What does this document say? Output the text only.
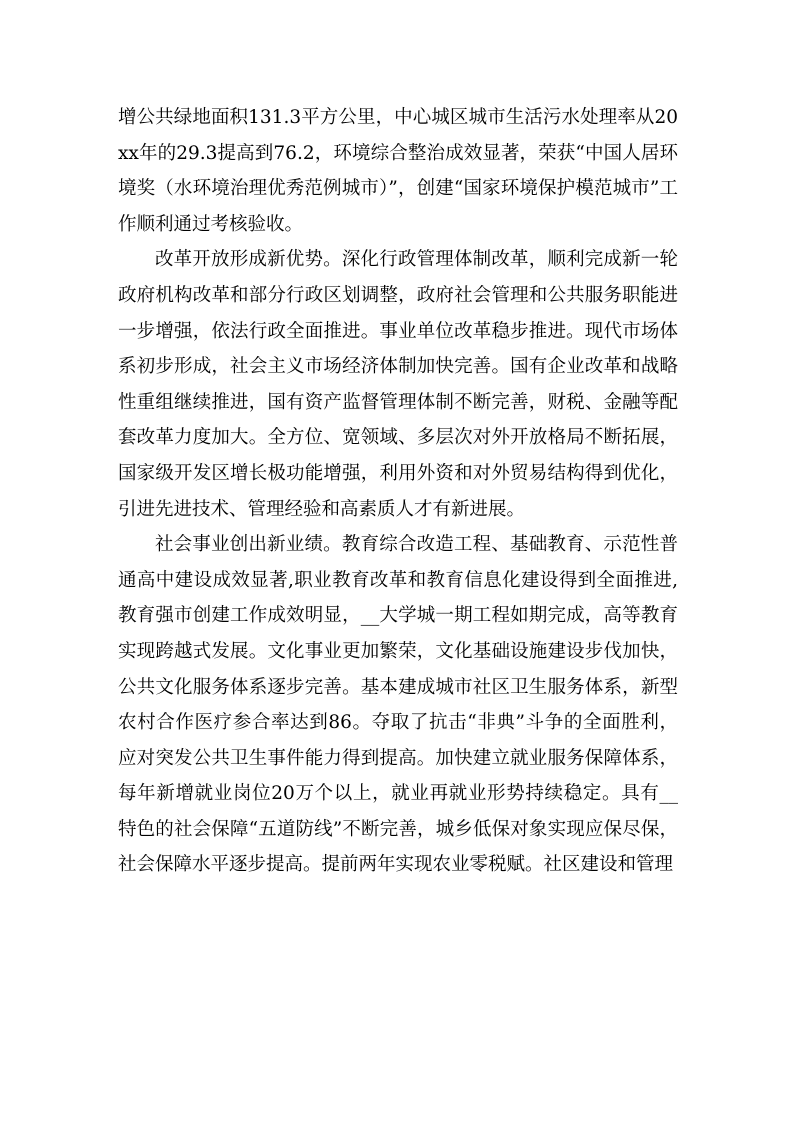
增公共绿地面积131.3平方公里，中心城区城市生活污水处理率从20xx年的29.3提高到76.2，环境综合整治成效显著，荣获“中国人居环境奖（水环境治理优秀范例城市）”，创建“国家环境保护模范城市”工作顺利通过考核验收。

改革开放形成新优势。深化行政管理体制改革，顺利完成新一轮政府机构改革和部分行政区划调整，政府社会管理和公共服务职能进一步增强，依法行政全面推进。事业单位改革稳步推进。现代市场体系初步形成，社会主义市场经济体制加快完善。国有企业改革和战略性重组继续推进，国有资产监督管理体制不断完善，财税、金融等配套改革力度加大。全方位、宽领域、多层次对外开放格局不断拓展，国家级开发区增长极功能增强，利用外资和对外贸易结构得到优化，引进先进技术、管理经验和高素质人才有新进展。

社会事业创出新业绩。教育综合改造工程、基础教育、示范性普通高中建设成效显著,职业教育改革和教育信息化建设得到全面推进,教育强市创建工作成效明显，__大学城一期工程如期完成，高等教育实现跨越式发展。文化事业更加繁荣，文化基础设施建设步伐加快，公共文化服务体系逐步完善。基本建成城市社区卫生服务体系，新型农村合作医疗参合率达到86。夺取了抗击“非典”斗争的全面胜利，应对突发公共卫生事件能力得到提高。加快建立就业服务保障体系，每年新增就业岗位20万个以上，就业再就业形势持续稳定。具有__特色的社会保障“五道防线”不断完善，城乡低保对象实现应保尽保，社会保障水平逐步提高。提前两年实现农业零税赋。社区建设和管理
